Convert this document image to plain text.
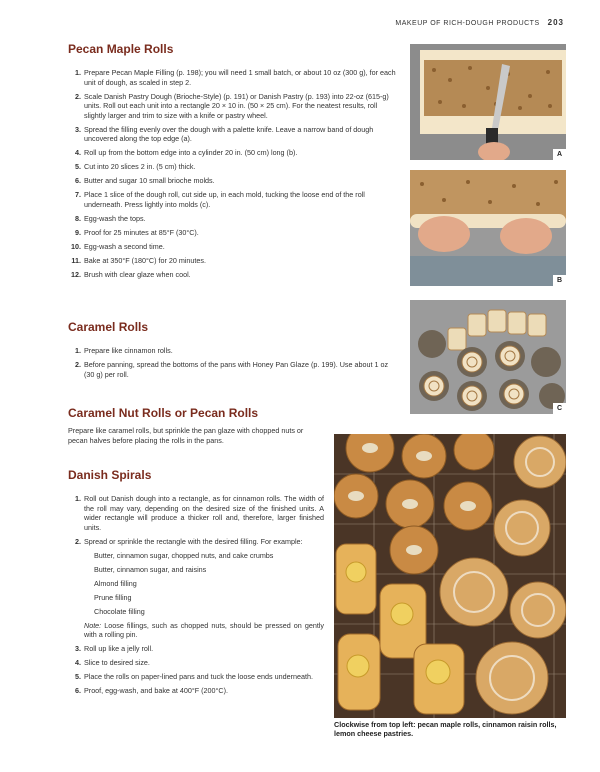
MAKEUP OF RICH-DOUGH PRODUCTS 203
Pecan Maple Rolls
1. Prepare Pecan Maple Filling (p. 198); you will need 1 small batch, or about 10 oz (300 g), for each unit of dough, as scaled in step 2.
2. Scale Danish Pastry Dough (Brioche-Style) (p. 191) or Danish Pastry (p. 193) into 22-oz (615-g) units. Roll out each unit into a rectangle 20 × 10 in. (50 × 25 cm). For the neatest results, roll slightly larger and trim to size with a knife or pastry wheel.
3. Spread the filling evenly over the dough with a palette knife. Leave a narrow band of dough uncovered along the top edge (a).
4. Roll up from the bottom edge into a cylinder 20 in. (50 cm) long (b).
5. Cut into 20 slices 2 in. (5 cm) thick.
6. Butter and sugar 10 small brioche molds.
7. Place 1 slice of the dough roll, cut side up, in each mold, tucking the loose end of the roll underneath. Press lightly into molds (c).
8. Egg-wash the tops.
9. Proof for 25 minutes at 85°F (30°C).
10. Egg-wash a second time.
11. Bake at 350°F (180°C) for 20 minutes.
12. Brush with clear glaze when cool.
Caramel Rolls
1. Prepare like cinnamon rolls.
2. Before panning, spread the bottoms of the pans with Honey Pan Glaze (p. 199). Use about 1 oz (30 g) per roll.
Caramel Nut Rolls or Pecan Rolls

Prepare like caramel rolls, but sprinkle the pan glaze with chopped nuts or pecan halves before placing the rolls in the pans.

Danish Spirals
1. Roll out Danish dough into a rectangle, as for cinnamon rolls. The width of the roll may vary, depending on the desired size of the finished units. A wider rectangle will produce a thicker roll and, therefore, larger finished units.
2. Spread or sprinkle the rectangle with the desired filling. For example:
Butter, cinnamon sugar, chopped nuts, and cake crumbs
Butter, cinnamon sugar, and raisins
Almond filling
Prune filling
Chocolate filling
Note: Loose fillings, such as chopped nuts, should be pressed on gently with a rolling pin.
3. Roll up like a jelly roll.
4. Slice to desired size.
5. Place the rolls on paper-lined pans and tuck the loose ends underneath.
6. Proof, egg-wash, and bake at 400°F (200°C).
A
B
C
Clockwise from top left: pecan maple rolls, cinnamon raisin rolls, lemon cheese pastries.
